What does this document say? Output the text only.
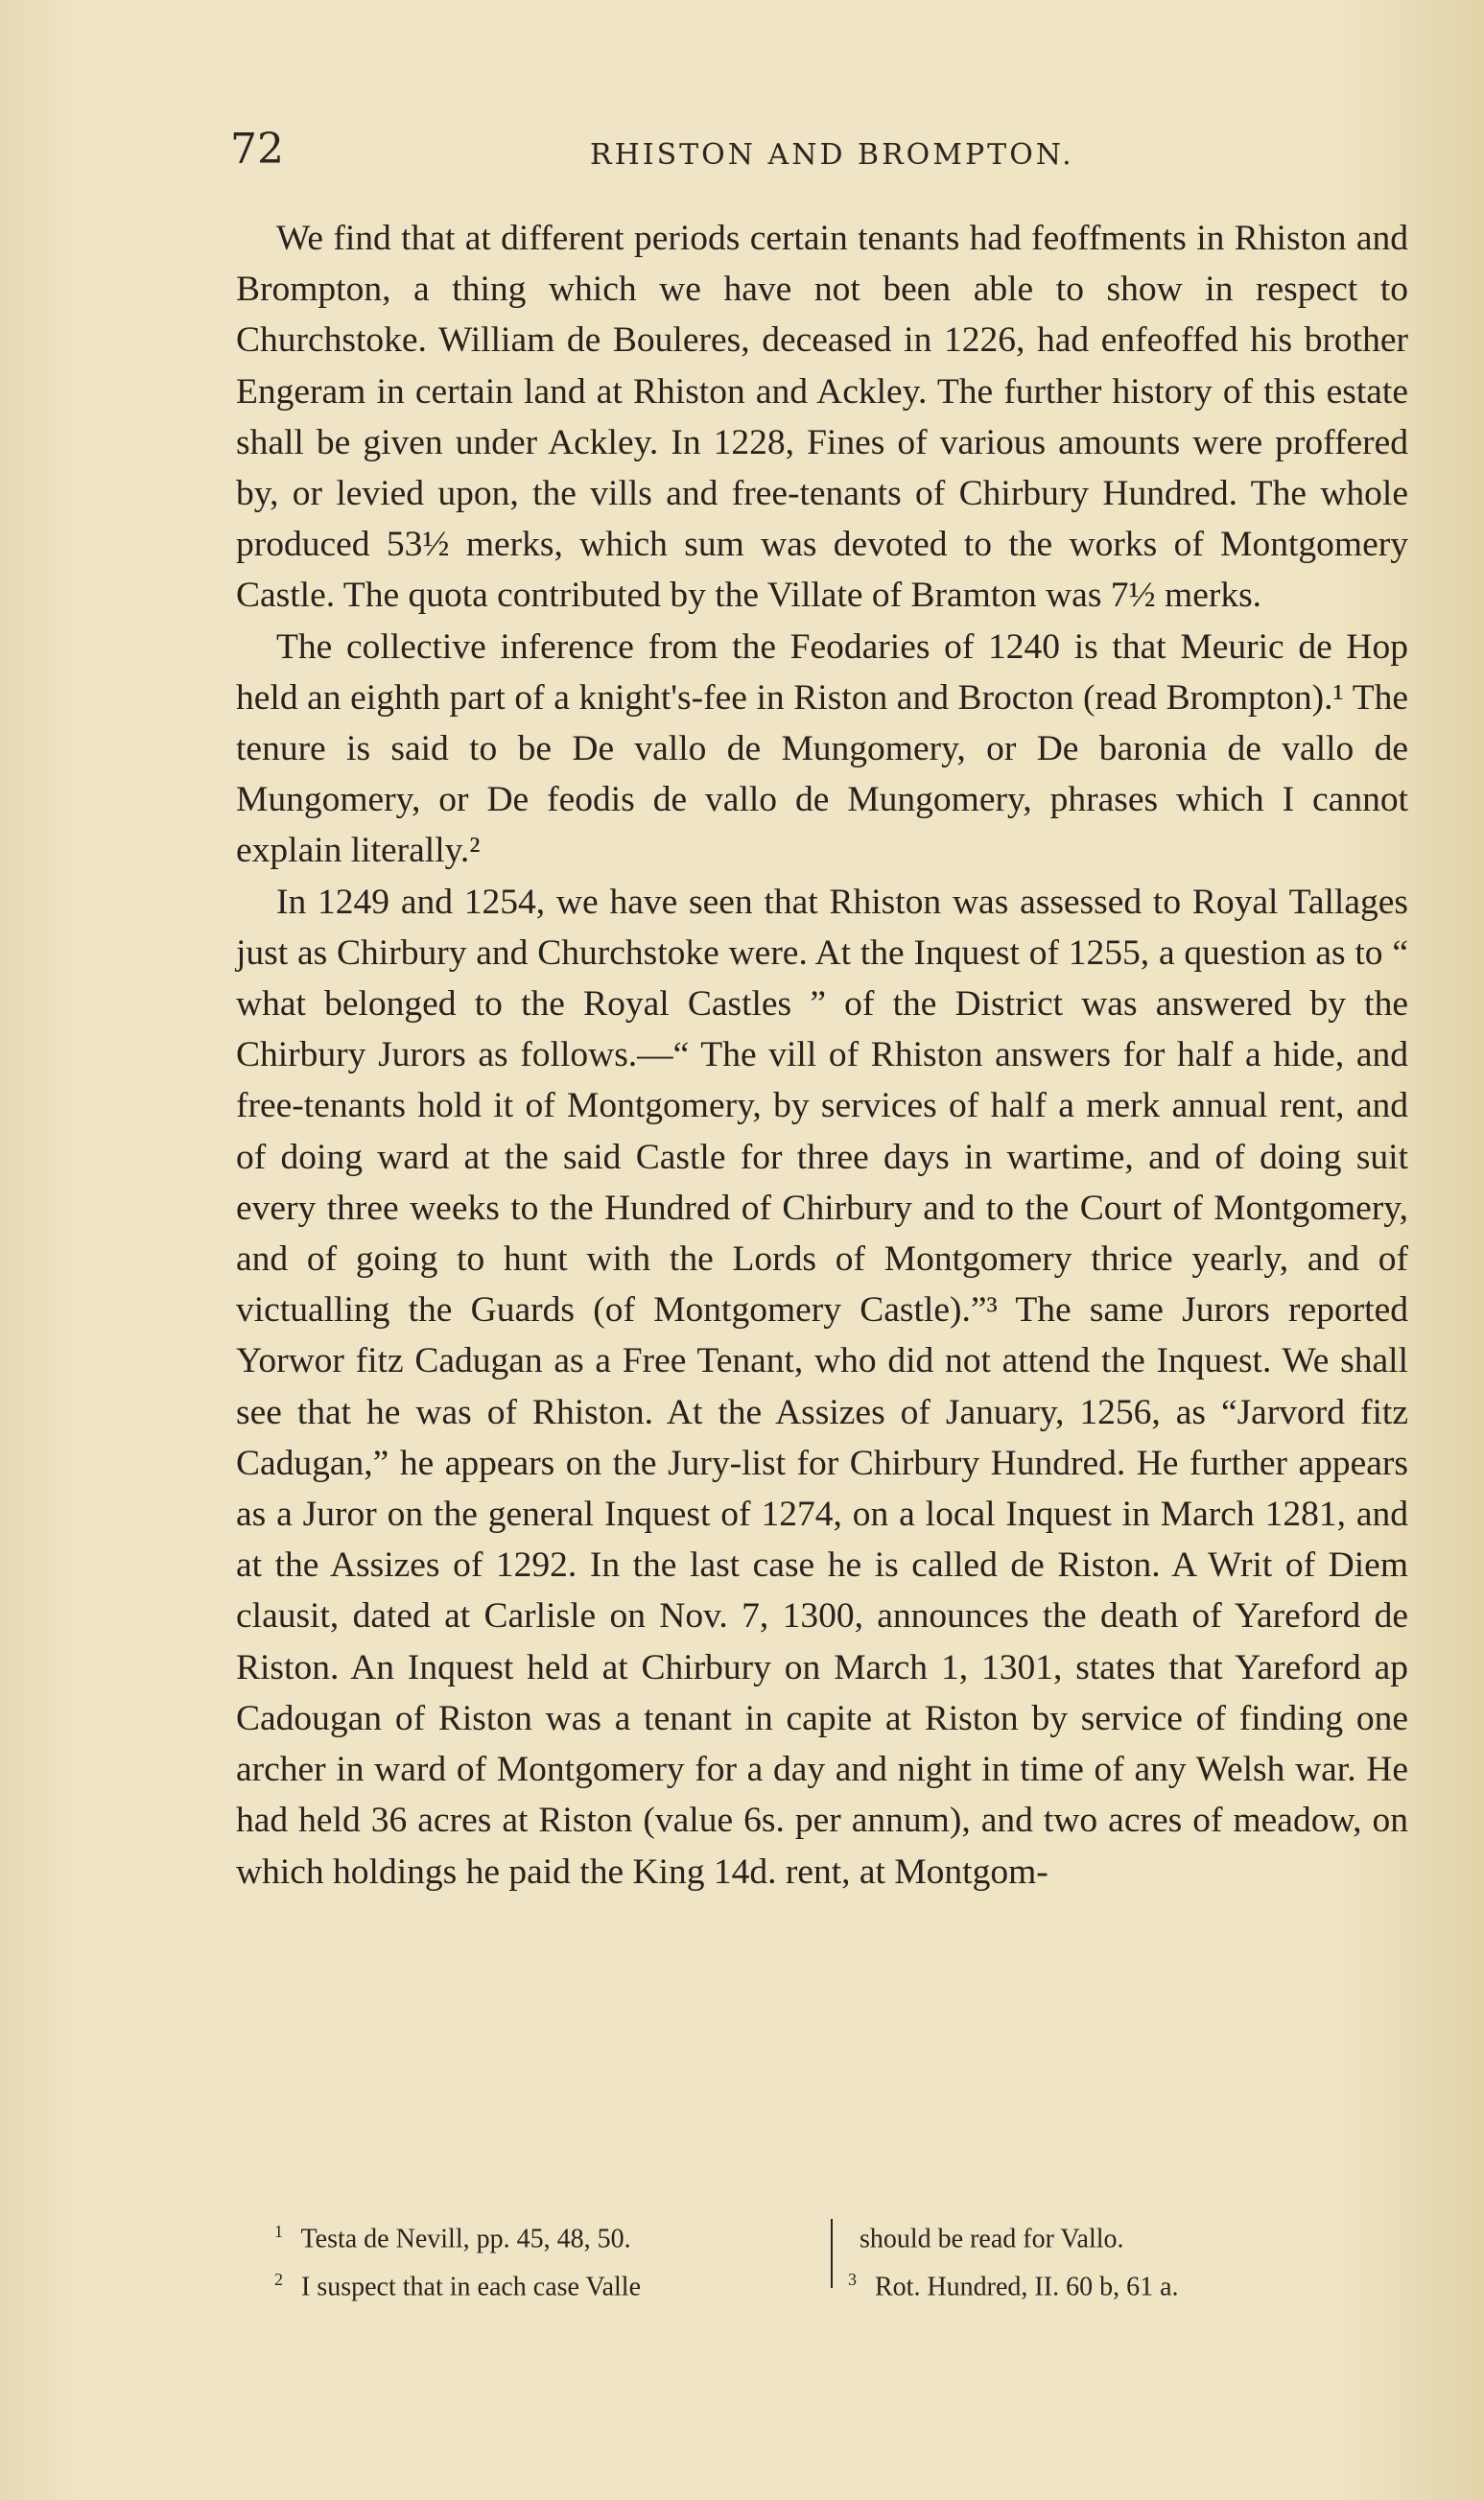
72	RHISTON AND BROMPTON.

We find that at different periods certain tenants had feoffments in Rhiston and Brompton, a thing which we have not been able to show in respect to Churchstoke. William de Bouleres, deceased in 1226, had enfeoffed his brother Engeram in certain land at Rhiston and Ackley. The further history of this estate shall be given under Ackley. In 1228, Fines of various amounts were proffered by, or levied upon, the vills and free-tenants of Chirbury Hundred. The whole produced 53½ merks, which sum was devoted to the works of Montgomery Castle. The quota contributed by the Villate of Bramton was 7½ merks.

The collective inference from the Feodaries of 1240 is that Meuric de Hop held an eighth part of a knight's-fee in Riston and Brocton (read Brompton).¹ The tenure is said to be De vallo de Mungomery, or De baronia de vallo de Mungomery, or De feodis de vallo de Mungomery, phrases which I cannot explain literally.²

In 1249 and 1254, we have seen that Rhiston was assessed to Royal Tallages just as Chirbury and Churchstoke were. At the Inquest of 1255, a question as to “ what belonged to the Royal Castles ” of the District was answered by the Chirbury Jurors as follows.—“ The vill of Rhiston answers for half a hide, and free-tenants hold it of Montgomery, by services of half a merk annual rent, and of doing ward at the said Castle for three days in wartime, and of doing suit every three weeks to the Hundred of Chirbury and to the Court of Montgomery, and of going to hunt with the Lords of Montgomery thrice yearly, and of victualling the Guards (of Montgomery Castle).”³ The same Jurors reported Yorwor fitz Cadugan as a Free Tenant, who did not attend the Inquest. We shall see that he was of Rhiston. At the Assizes of January, 1256, as “Jarvord fitz Cadugan,” he appears on the Jury-list for Chirbury Hundred. He further appears as a Juror on the general Inquest of 1274, on a local Inquest in March 1281, and at the Assizes of 1292. In the last case he is called de Riston. A Writ of Diem clausit, dated at Carlisle on Nov. 7, 1300, announces the death of Yareford de Riston. An Inquest held at Chirbury on March 1, 1301, states that Yareford ap Cadougan of Riston was a tenant in capite at Riston by service of finding one archer in ward of Montgomery for a day and night in time of any Welsh war. He had held 36 acres at Riston (value 6s. per annum), and two acres of meadow, on which holdings he paid the King 14d. rent, at Montgom-

$^1$ Testa de Nevill, pp. 45, 48, 50.
$^2$ I suspect that in each case Valle
should be read for Vallo.
$^3$ Rot. Hundred, II. 60 b, 61 a.
